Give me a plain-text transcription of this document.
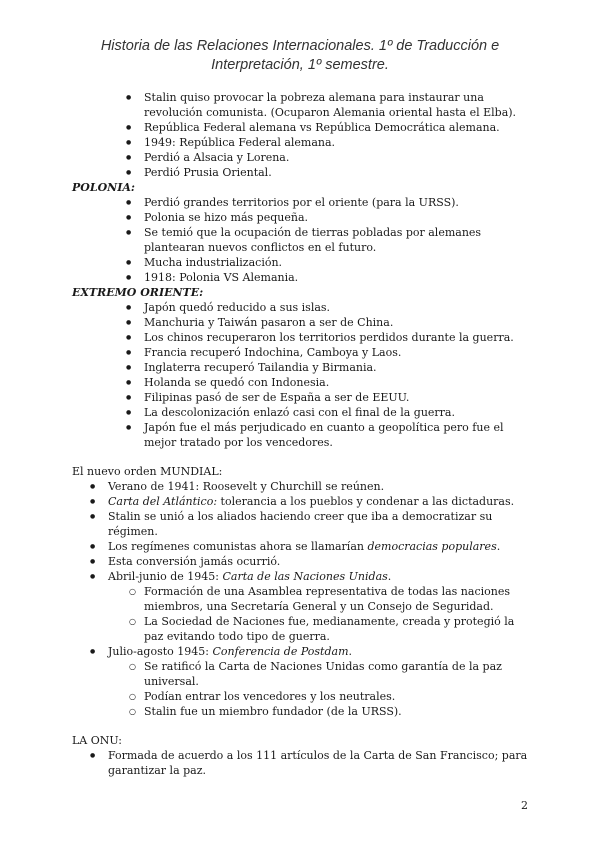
Historia de las Relaciones Internacionales. 1º de Traducción e
Interpretación, 1º semestre.
● Stalin quiso provocar la pobreza alemana para instaurar una revolución comunista. (Ocuparon Alemania oriental hasta el Elba).
● República Federal alemana vs República Democrática alemana.
● 1949: República Federal alemana.
● Perdió a Alsacia y Lorena.
● Perdió Prusia Oriental.
POLONIA:
● Perdió grandes territorios por el oriente (para la URSS).
● Polonia se hizo más pequeña.
● Se temió que la ocupación de tierras pobladas por alemanes plantearan nuevos conflictos en el futuro.
● Mucha industrialización.
● 1918: Polonia VS Alemania.
EXTREMO ORIENTE:
● Japón quedó reducido a sus islas.
● Manchuria y Taiwán pasaron a ser de China.
● Los chinos recuperaron los territorios perdidos durante la guerra.
● Francia recuperó Indochina, Camboya y Laos.
● Inglaterra recuperó Tailandia y Birmania.
● Holanda se quedó con Indonesia.
● Filipinas pasó de ser de España a ser de EEUU.
● La descolonización enlazó casi con el final de la guerra.
● Japón fue el más perjudicado en cuanto a geopolítica pero fue el mejor tratado por los vencedores.
El nuevo orden MUNDIAL:
● Verano de 1941: Roosevelt y Churchill se reúnen.
● Carta del Atlántico: tolerancia a los pueblos y condenar a las dictaduras.
● Stalin se unió a los aliados haciendo creer que iba a democratizar su régimen.
● Los regímenes comunistas ahora se llamarían democracias populares.
● Esta conversión jamás ocurrió.
● Abril-junio de 1945: Carta de las Naciones Unidas.
○ Formación de una Asamblea representativa de todas las naciones miembros, una Secretaría General y un Consejo de Seguridad.
○ La Sociedad de Naciones fue, medianamente, creada y protegió la paz evitando todo tipo de guerra.
● Julio-agosto 1945: Conferencia de Postdam.
○ Se ratificó la Carta de Naciones Unidas como garantía de la paz universal.
○ Podían entrar los vencedores y los neutrales.
○ Stalin fue un miembro fundador (de la URSS).
LA ONU:
● Formada de acuerdo a los 111 artículos de la Carta de San Francisco; para garantizar la paz.
2
